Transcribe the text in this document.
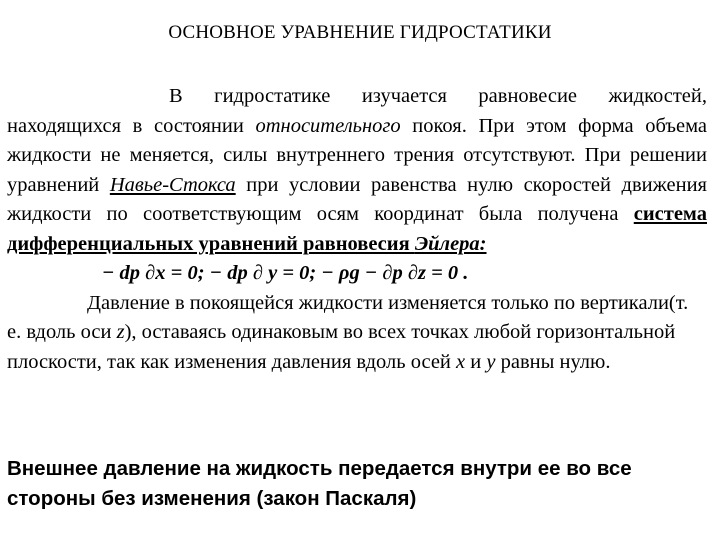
ОСНОВНОЕ УРАВНЕНИЕ ГИДРОСТАТИКИ

В гидростатике изучается равновесие жидкостей, находящихся в состоянии относительного покоя. При этом форма объема жидкости не меняется, силы внутреннего трения отсутствуют. При решении уравнений Навье-Стокса при условии равенства нулю скоростей движения жидкости по соответствующим осям координат была получена система дифференциальных уравнений равновесия Эйлера:

− dp ∂x = 0; − dp ∂ y = 0; − ρg − ∂p ∂z = 0 .

Давление в покоящейся жидкости изменяется только по вертикали(т. е. вдоль оси z), оставаясь одинаковым во всех точках любой горизонтальной плоскости, так как изменения давления вдоль осей х и у равны нулю.

Внешнее давление на жидкость передается внутри ее во все стороны без изменения (закон Паскаля)
